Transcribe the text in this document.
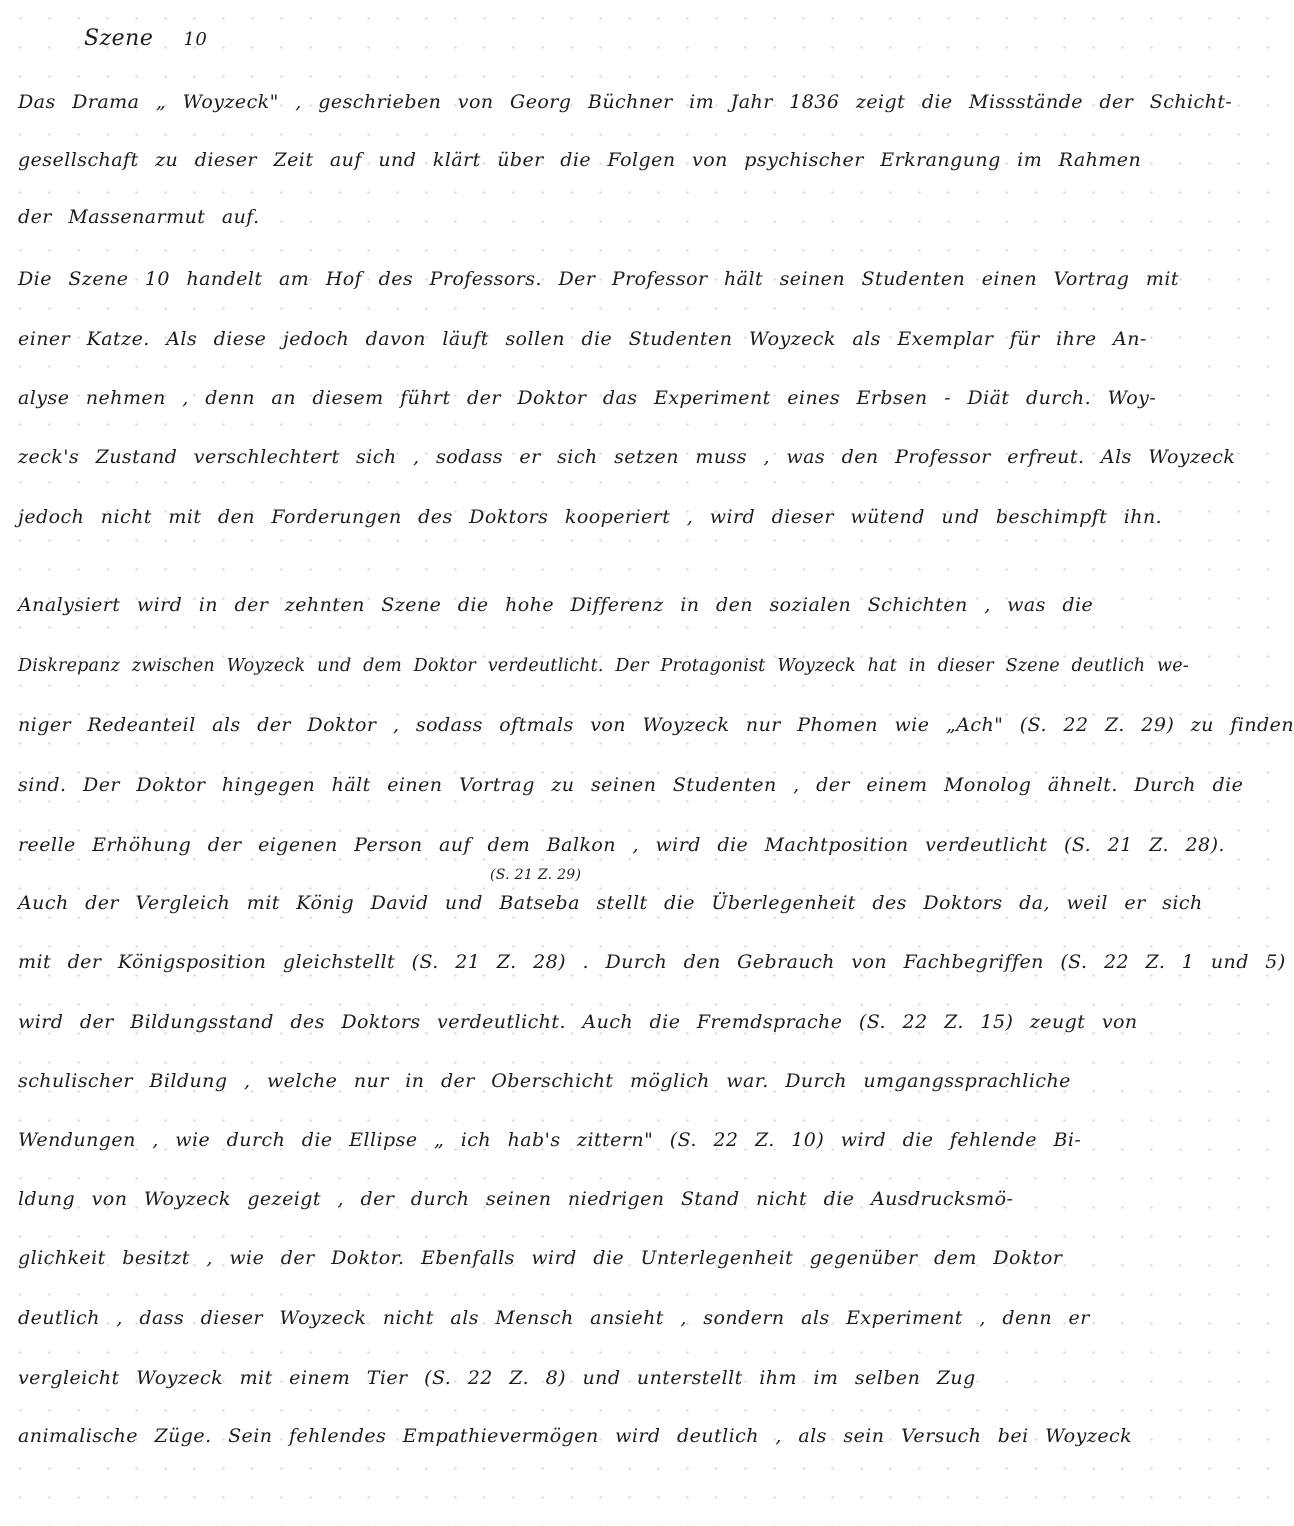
Szene 10
Das Drama „ Woyzeck" , geschrieben von Georg Büchner im Jahr 1836 zeigt die Missstände der Schicht-
gesellschaft zu dieser Zeit auf und klärt über die Folgen von psychischer Erkrangung im Rahmen
der Massenarmut auf.
Die Szene 10 handelt am Hof des Professors. Der Professor hält seinen Studenten einen Vortrag mit
einer Katze. Als diese jedoch davon läuft sollen die Studenten Woyzeck als Exemplar für ihre An-
alyse nehmen , denn an diesem führt der Doktor das Experiment eines Erbsen - Diät durch. Woy-
zeck's Zustand verschlechtert sich , sodass er sich setzen muss , was den Professor erfreut. Als Woyzeck
jedoch nicht mit den Forderungen des Doktors kooperiert , wird dieser wütend und beschimpft ihn.
Analysiert wird in der zehnten Szene die hohe Differenz in den sozialen Schichten , was die
Diskrepanz zwischen Woyzeck und dem Doktor verdeutlicht. Der Protagonist Woyzeck hat in dieser Szene deutlich we-
niger Redeanteil als der Doktor , sodass oftmals von Woyzeck nur Phomen wie „Ach" (S. 22 Z. 29) zu finden
sind. Der Doktor hingegen hält einen Vortrag zu seinen Studenten , der einem Monolog ähnelt. Durch die
reelle Erhöhung der eigenen Person auf dem Balkon , wird die Machtposition verdeutlicht (S. 21 Z. 28).
(S. 21 Z. 29)
Auch der Vergleich mit König David und Batseba stellt die Überlegenheit des Doktors da, weil er sich
mit der Königsposition gleichstellt (S. 21 Z. 28) . Durch den Gebrauch von Fachbegriffen (S. 22 Z. 1 und 5)
wird der Bildungsstand des Doktors verdeutlicht. Auch die Fremdsprache (S. 22 Z. 15) zeugt von
schulischer Bildung , welche nur in der Oberschicht möglich war. Durch umgangssprachliche
Wendungen , wie durch die Ellipse „ ich hab's zittern" (S. 22 Z. 10) wird die fehlende Bi-
ldung von Woyzeck gezeigt , der durch seinen niedrigen Stand nicht die Ausdrucksmö-
glichkeit besitzt , wie der Doktor. Ebenfalls wird die Unterlegenheit gegenüber dem Doktor
deutlich , dass dieser Woyzeck nicht als Mensch ansieht , sondern als Experiment , denn er
vergleicht Woyzeck mit einem Tier (S. 22 Z. 8) und unterstellt ihm im selben Zug
animalische Züge. Sein fehlendes Empathievermögen wird deutlich , als sein Versuch bei Woyzeck
